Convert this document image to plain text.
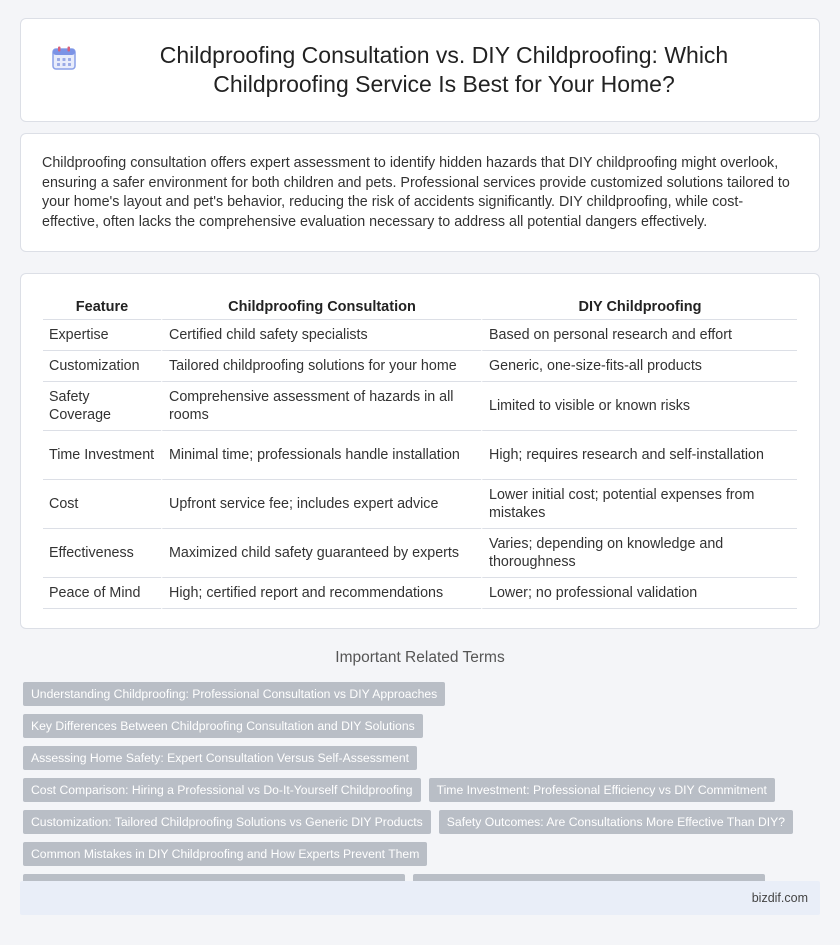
Childproofing Consultation vs. DIY Childproofing: Which Childproofing Service Is Best for Your Home?

Childproofing consultation offers expert assessment to identify hidden hazards that DIY childproofing might overlook, ensuring a safer environment for both children and pets. Professional services provide customized solutions tailored to your home's layout and pet's behavior, reducing the risk of accidents significantly. DIY childproofing, while cost-effective, often lacks the comprehensive evaluation necessary to address all potential dangers effectively.

Feature	Childproofing Consultation	DIY Childproofing
Expertise	Certified child safety specialists	Based on personal research and effort
Customization	Tailored childproofing solutions for your home	Generic, one-size-fits-all products
Safety Coverage	Comprehensive assessment of hazards in all rooms	Limited to visible or known risks
Time Investment	Minimal time; professionals handle installation	High; requires research and self-installation
Cost	Upfront service fee; includes expert advice	Lower initial cost; potential expenses from mistakes
Effectiveness	Maximized child safety guaranteed by experts	Varies; depending on knowledge and thoroughness
Peace of Mind	High; certified report and recommendations	Lower; no professional validation
Important Related Terms
Understanding Childproofing: Professional Consultation vs DIY Approaches
Key Differences Between Childproofing Consultation and DIY Solutions
Assessing Home Safety: Expert Consultation Versus Self-Assessment
Cost Comparison: Hiring a Professional vs Do-It-Yourself Childproofing	Time Investment: Professional Efficiency vs DIY Commitment
Customization: Tailored Childproofing Solutions vs Generic DIY Products	Safety Outcomes: Are Consultations More Effective Than DIY?
Common Mistakes in DIY Childproofing and How Experts Prevent Them
bizdif.com
